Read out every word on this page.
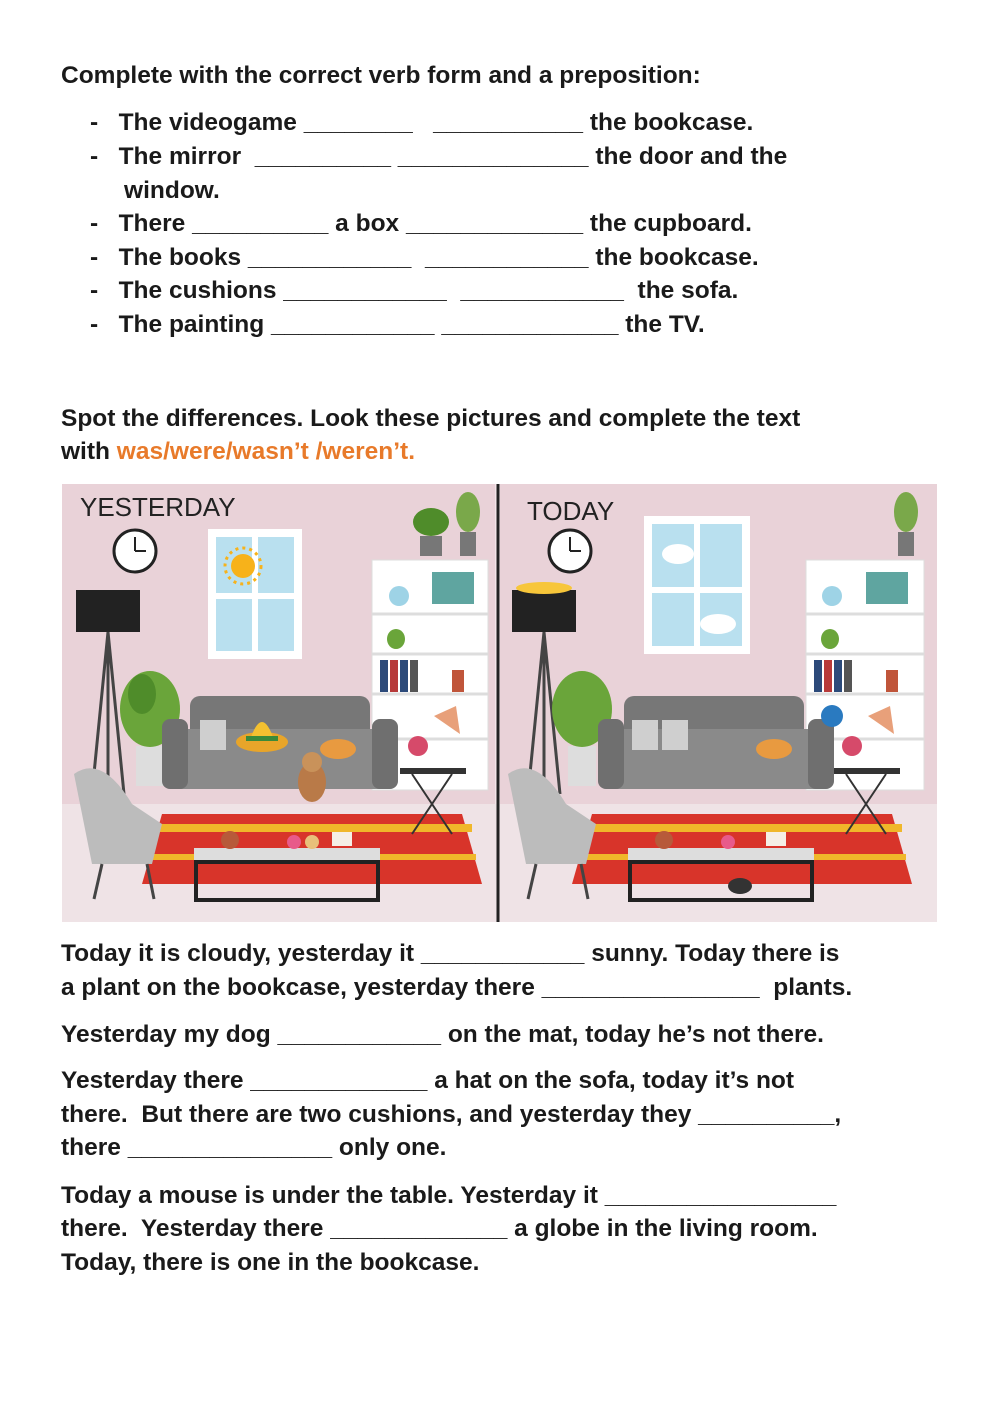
Complete with the correct verb form and a preposition:
-   The videogame ________   ___________ the bookcase.
-   The mirror  __________ ______________ the door and the
window.
-   There __________ a box _____________ the cupboard.
-   The books ____________  ____________ the bookcase.
-   The cushions ____________  ____________  the sofa.
-   The painting ____________ _____________ the TV.
Spot the differences. Look these pictures and complete the text
with was/were/wasn’t /weren’t.
YESTERDAY	TODAY
Today it is cloudy, yesterday it ____________ sunny. Today there is
a plant on the bookcase, yesterday there ________________  plants.
Yesterday my dog ____________ on the mat, today he’s not there.
Yesterday there _____________ a hat on the sofa, today it’s not
there.  But there are two cushions, and yesterday they __________,
there _______________ only one.
Today a mouse is under the table. Yesterday it _________________
there.  Yesterday there _____________ a globe in the living room.
Today, there is one in the bookcase.
